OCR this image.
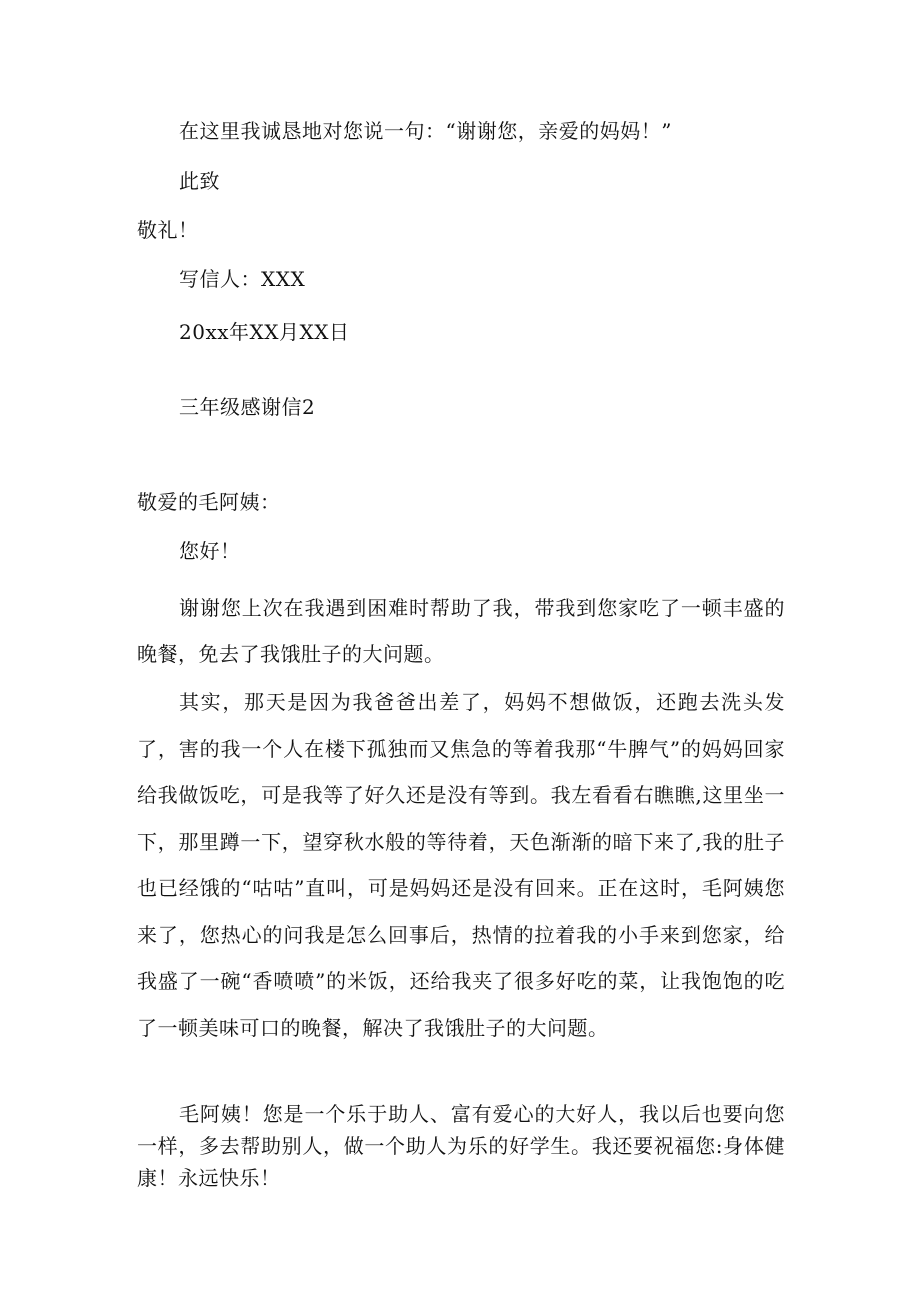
在这里我诚恳地对您说一句：“谢谢您，亲爱的妈妈！”
此致
敬礼！
写信人：XXX
20xx年XX月XX日
三年级感谢信2
敬爱的毛阿姨：
您好！
谢谢您上次在我遇到困难时帮助了我，带我到您家吃了一顿丰盛的晚餐，免去了我饿肚子的大问题。
其实，那天是因为我爸爸出差了，妈妈不想做饭，还跑去洗头发了，害的我一个人在楼下孤独而又焦急的等着我那“牛脾气”的妈妈回家给我做饭吃，可是我等了好久还是没有等到。我左看看右瞧瞧,这里坐一下，那里蹲一下，望穿秋水般的等待着，天色渐渐的暗下来了,我的肚子也已经饿的“咕咕”直叫，可是妈妈还是没有回来。正在这时，毛阿姨您来了，您热心的问我是怎么回事后，热情的拉着我的小手来到您家，给我盛了一碗“香喷喷”的米饭，还给我夹了很多好吃的菜，让我饱饱的吃了一顿美味可口的晚餐，解决了我饿肚子的大问题。
毛阿姨！您是一个乐于助人、富有爱心的大好人，我以后也要向您一样，多去帮助别人，做一个助人为乐的好学生。我还要祝福您:身体健康！永远快乐！
